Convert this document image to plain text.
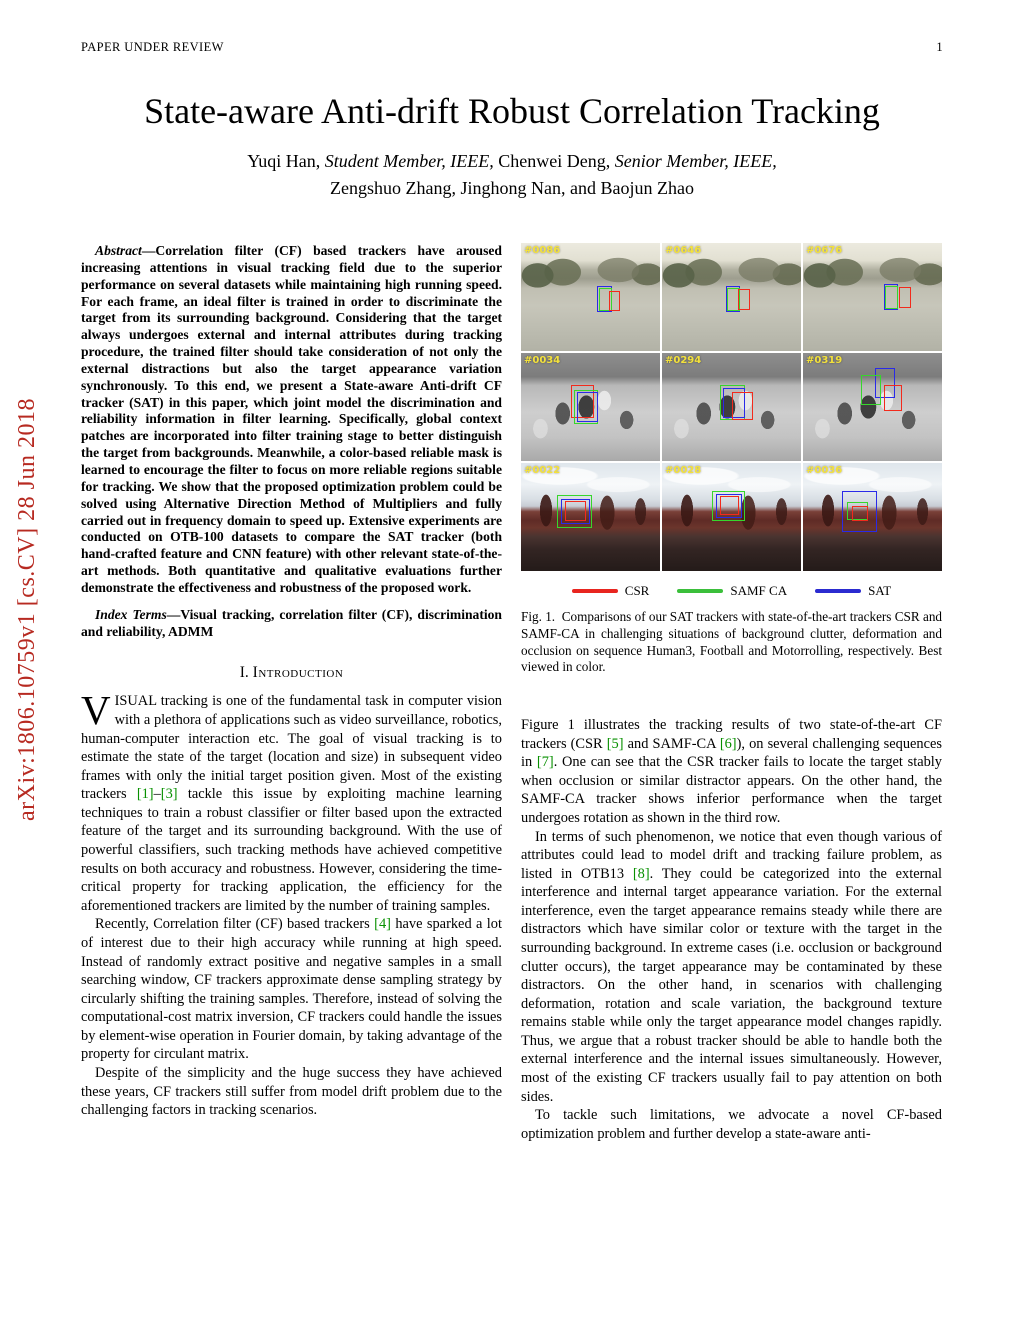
PAPER UNDER REVIEW	1
arXiv:1806.10759v1 [cs.CV] 28 Jun 2018
State-aware Anti-drift Robust Correlation Tracking
Yuqi Han, Student Member, IEEE, Chenwei Deng, Senior Member, IEEE,
Zengshuo Zhang, Jinghong Nan, and Baojun Zhao

Abstract—Correlation filter (CF) based trackers have aroused increasing attentions in visual tracking field due to the superior performance on several datasets while maintaining high running speed. For each frame, an ideal filter is trained in order to discriminate the target from its surrounding background. Considering that the target always undergoes external and internal attributes during tracking procedure, the trained filter should take consideration of not only the external distractions but also the target appearance variation synchronously. To this end, we present a State-aware Anti-drift CF tracker (SAT) in this paper, which joint model the discrimination and reliability information in filter learning. Specifically, global context patches are incorporated into filter training stage to better distinguish the target from backgrounds. Meanwhile, a color-based reliable mask is learned to encourage the filter to focus on more reliable regions suitable for tracking. We show that the proposed optimization problem could be solved using Alternative Direction Method of Multipliers and fully carried out in frequency domain to speed up. Extensive experiments are conducted on OTB-100 datasets to compare the SAT tracker (both hand-crafted feature and CNN feature) with other relevant state-of-the-art methods. Both quantitative and qualitative evaluations further demonstrate the effectiveness and robustness of the proposed work.

Index Terms—Visual tracking, correlation filter (CF), discrimination and reliability, ADMM

I. Introduction

VISUAL tracking is one of the fundamental task in computer vision with a plethora of applications such as video surveillance, robotics, human-computer interaction etc. The goal of visual tracking is to estimate the state of the target (location and size) in subsequent video frames with only the initial target position given. Most of the existing trackers [1]–[3] tackle this issue by exploiting machine learning techniques to train a robust classifier or filter based upon the extracted feature of the target and its surrounding background. With the use of powerful classifiers, such tracking methods have achieved competitive results on both accuracy and robustness. However, considering the time-critical property for tracking application, the efficiency for the aforementioned trackers are limited by the number of training samples.

Recently, Correlation filter (CF) based trackers [4] have sparked a lot of interest due to their high accuracy while running at high speed. Instead of randomly extract positive and negative samples in a small searching window, CF trackers approximate dense sampling strategy by circularly shifting the training samples. Therefore, instead of solving the computational-cost matrix inversion, CF trackers could handle the issues by element-wise operation in Fourier domain, by taking advantage of the property for circulant matrix.

Despite of the simplicity and the huge success they have achieved these years, CF trackers still suffer from model drift problem due to the challenging factors in tracking scenarios.

#0086	#0646	#0676
#0034	#0294	#0319
#0022	#0028	#0036
CSR	SAMF CA	SAT

Fig. 1. Comparisons of our SAT trackers with state-of-the-art trackers CSR and SAMF-CA in challenging situations of background clutter, deformation and occlusion on sequence Human3, Football and Motorrolling, respectively. Best viewed in color.

Figure 1 illustrates the tracking results of two state-of-the-art CF trackers (CSR [5] and SAMF-CA [6]), on several challenging sequences in [7]. One can see that the CSR tracker fails to locate the target stably when occlusion or similar distractor appears. On the other hand, the SAMF-CA tracker shows inferior performance when the target undergoes rotation as shown in the third row.

In terms of such phenomenon, we notice that even though various of attributes could lead to model drift and tracking failure problem, as listed in OTB13 [8]. They could be categorized into the external interference and internal target appearance variation. For the external interference, even the target appearance remains steady while there are distractors which have similar color or texture with the target in the surrounding background. In extreme cases (i.e. occlusion or background clutter occurs), the target appearance may be contaminated by these distractors. On the other hand, in scenarios with challenging deformation, rotation and scale variation, the background texture remains stable while only the target appearance model changes rapidly. Thus, we argue that a robust tracker should be able to handle both the external interference and the internal issues simultaneously. However, most of the existing CF trackers usually fail to pay attention on both sides.

To tackle such limitations, we advocate a novel CF-based optimization problem and further develop a state-aware anti-
